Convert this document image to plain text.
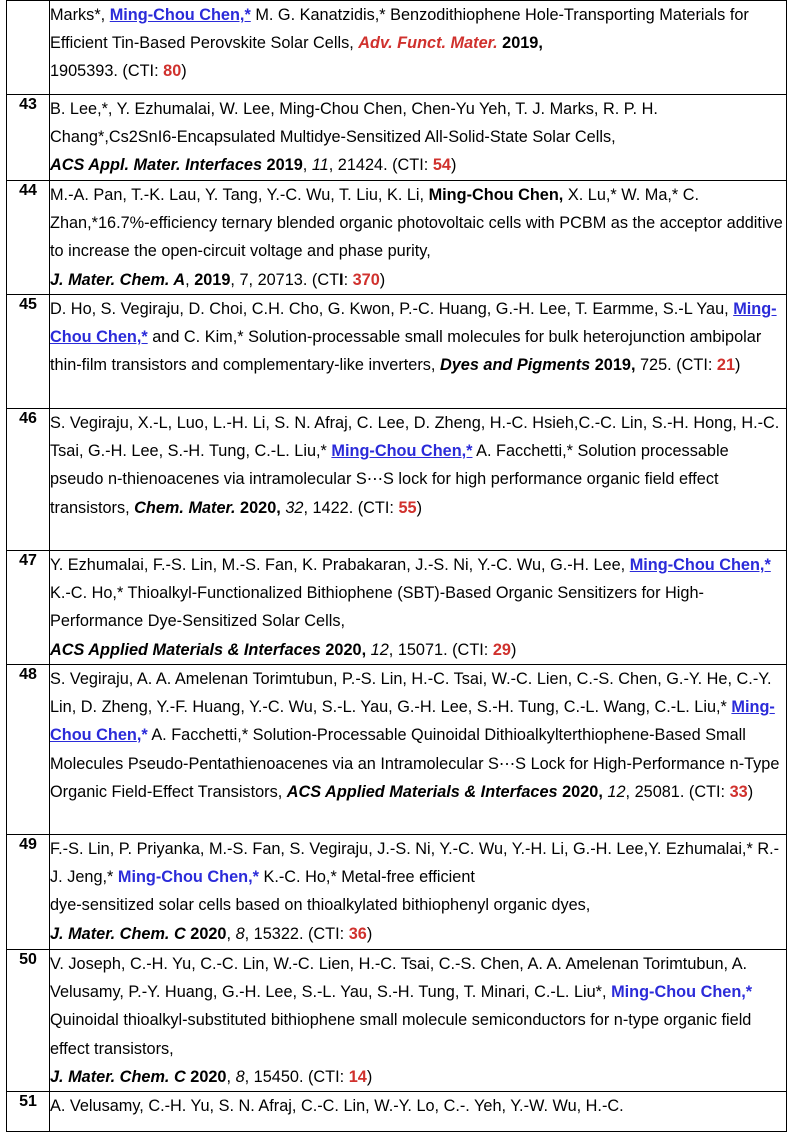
	Marks*, Ming-Chou Chen,* M. G. Kanatzidis,* Benzodithiophene Hole-Transporting Materials for Efficient Tin-Based Perovskite Solar Cells, Adv. Funct. Mater. 2019,
1905393. (CTI: 80)
43	B. Lee,*, Y. Ezhumalai, W. Lee, Ming-Chou Chen, Chen-Yu Yeh, T. J. Marks, R. P. H. Chang*,Cs2SnI6-Encapsulated Multidye-Sensitized All-Solid-State Solar Cells,
ACS Appl. Mater. Interfaces 2019, 11, 21424. (CTI: 54)
44	M.-A. Pan, T.-K. Lau, Y. Tang, Y.-C. Wu, T. Liu, K. Li, Ming-Chou Chen, X. Lu,* W. Ma,* C. Zhan,*16.7%-efficiency ternary blended organic photovoltaic cells with PCBM as the acceptor additive to increase the open-circuit voltage and phase purity,
J. Mater. Chem. A, 2019, 7, 20713. (CTI: 370)
45	D. Ho, S. Vegiraju, D. Choi, C.H. Cho, G. Kwon, P.-C. Huang, G.-H. Lee, T. Earmme, S.-L Yau, Ming-Chou Chen,* and C. Kim,* Solution-processable small molecules for bulk heterojunction ambipolar thin-film transistors and complementary-like inverters, Dyes and Pigments 2019, 725. (CTI: 21)
46	S. Vegiraju, X.-L, Luo, L.-H. Li, S. N. Afraj, C. Lee, D. Zheng, H.-C. Hsieh,C.-C. Lin, S.-H. Hong, H.-C. Tsai, G.-H. Lee, S.-H. Tung, C.-L. Liu,* Ming-Chou Chen,* A. Facchetti,* Solution processable pseudo n-thienoacenes via intramolecular S⋯S lock for high performance organic field effect transistors, Chem. Mater. 2020, 32, 1422. (CTI: 55)
47	Y. Ezhumalai, F.-S. Lin, M.-S. Fan, K. Prabakaran, J.-S. Ni, Y.-C. Wu, G.-H. Lee, Ming-Chou Chen,* K.-C. Ho,* Thioalkyl-Functionalized Bithiophene (SBT)-Based Organic Sensitizers for High-Performance Dye-Sensitized Solar Cells,
ACS Applied Materials & Interfaces 2020, 12, 15071. (CTI: 29)
48	S. Vegiraju, A. A. Amelenan Torimtubun, P.-S. Lin, H.-C. Tsai, W.-C. Lien, C.-S. Chen, G.-Y. He, C.-Y. Lin, D. Zheng, Y.-F. Huang, Y.-C. Wu, S.-L. Yau, G.-H. Lee, S.-H. Tung, C.-L. Wang, C.-L. Liu,* Ming-Chou Chen,* A. Facchetti,* Solution-Processable Quinoidal Dithioalkylterthiophene-Based Small Molecules Pseudo-Pentathienoacenes via an Intramolecular S⋯S Lock for High-Performance n-Type Organic Field-Effect Transistors, ACS Applied Materials & Interfaces 2020, 12, 25081. (CTI: 33)
49	F.-S. Lin, P. Priyanka, M.-S. Fan, S. Vegiraju, J.-S. Ni, Y.-C. Wu, Y.-H. Li, G.-H. Lee,Y. Ezhumalai,* R.-J. Jeng,* Ming-Chou Chen,* K.-C. Ho,* Metal-free efficient
dye-sensitized solar cells based on thioalkylated bithiophenyl organic dyes,
J. Mater. Chem. C 2020, 8, 15322. (CTI: 36)
50	V. Joseph, C.-H. Yu, C.-C. Lin, W.-C. Lien, H.-C. Tsai, C.-S. Chen, A. A. Amelenan Torimtubun, A. Velusamy, P.-Y. Huang, G.-H. Lee, S.-L. Yau, S.-H. Tung, T. Minari, C.-L. Liu*, Ming-Chou Chen,* Quinoidal thioalkyl-substituted bithiophene small molecule semiconductors for n-type organic field effect transistors,
J. Mater. Chem. C 2020, 8, 15450. (CTI: 14)
51	A. Velusamy, C.-H. Yu, S. N. Afraj, C.-C. Lin, W.-Y. Lo, C.-. Yeh, Y.-W. Wu, H.-C.
